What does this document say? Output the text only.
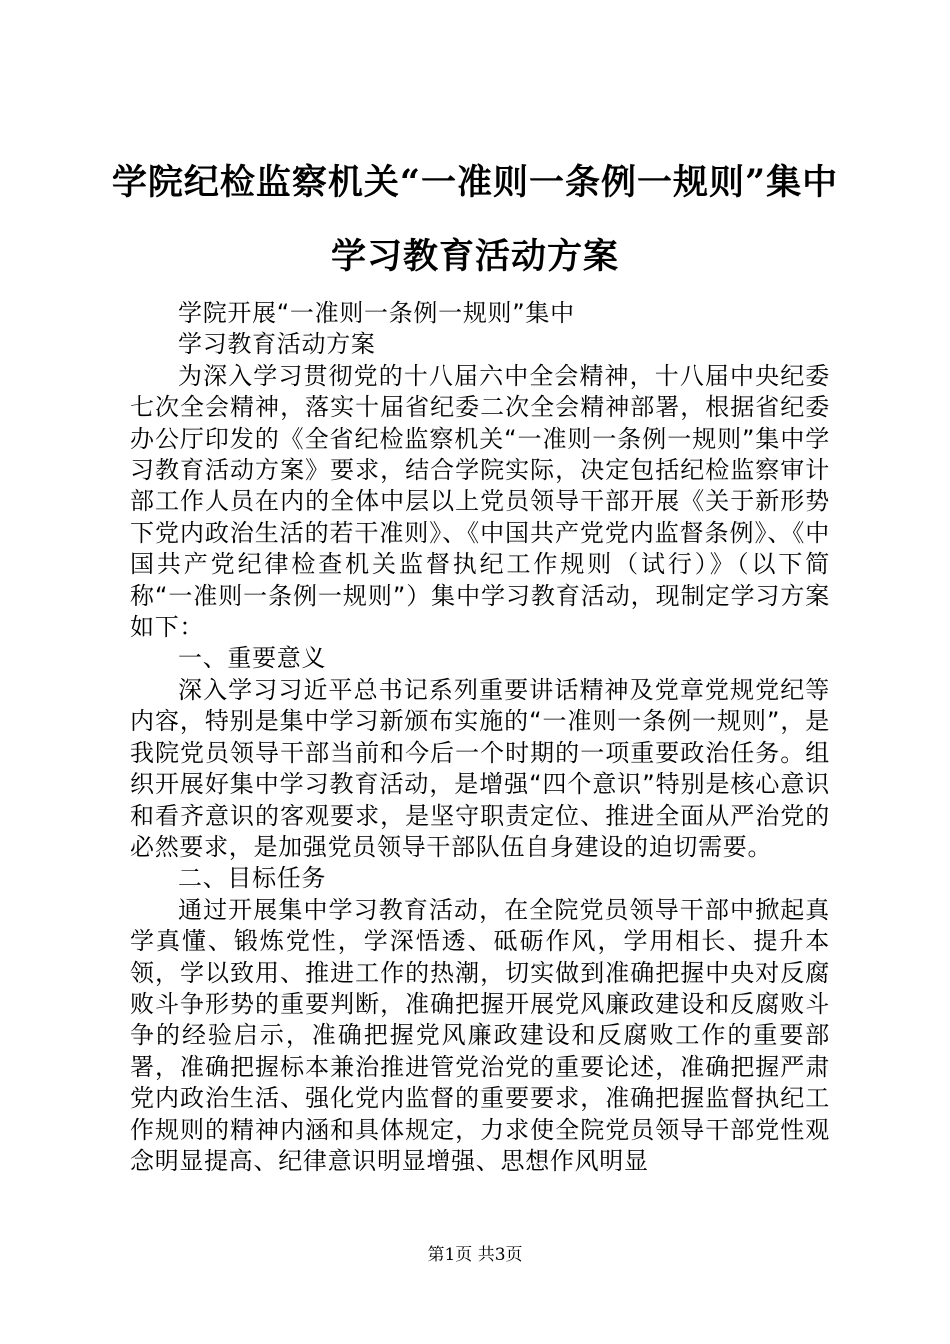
学院纪检监察机关“一准则一条例一规则”集中学习教育活动方案

学院开展“一准则一条例一规则”集中

学习教育活动方案

为深入学习贯彻党的十八届六中全会精神，十八届中央纪委七次全会精神，落实十届省纪委二次全会精神部署，根据省纪委办公厅印发的《全省纪检监察机关“一准则一条例一规则”集中学习教育活动方案》要求，结合学院实际，决定包括纪检监察审计部工作人员在内的全体中层以上党员领导干部开展《关于新形势下党内政治生活的若干准则》、《中国共产党党内监督条例》、《中国共产党纪律检查机关监督执纪工作规则（试行）》（以下简称“一准则一条例一规则”）集中学习教育活动，现制定学习方案如下：

一、重要意义

深入学习习近平总书记系列重要讲话精神及党章党规党纪等内容，特别是集中学习新颁布实施的“一准则一条例一规则”，是我院党员领导干部当前和今后一个时期的一项重要政治任务。组织开展好集中学习教育活动，是增强“四个意识”特别是核心意识和看齐意识的客观要求，是坚守职责定位、推进全面从严治党的必然要求，是加强党员领导干部队伍自身建设的迫切需要。

二、目标任务

通过开展集中学习教育活动，在全院党员领导干部中掀起真学真懂、锻炼党性，学深悟透、砥砺作风，学用相长、提升本领，学以致用、推进工作的热潮，切实做到准确把握中央对反腐败斗争形势的重要判断，准确把握开展党风廉政建设和反腐败斗争的经验启示，准确把握党风廉政建设和反腐败工作的重要部署，准确把握标本兼治推进管党治党的重要论述，准确把握严肃党内政治生活、强化党内监督的重要要求，准确把握监督执纪工作规则的精神内涵和具体规定，力求使全院党员领导干部党性观念明显提高、纪律意识明显增强、思想作风明显

第1页 共3页
